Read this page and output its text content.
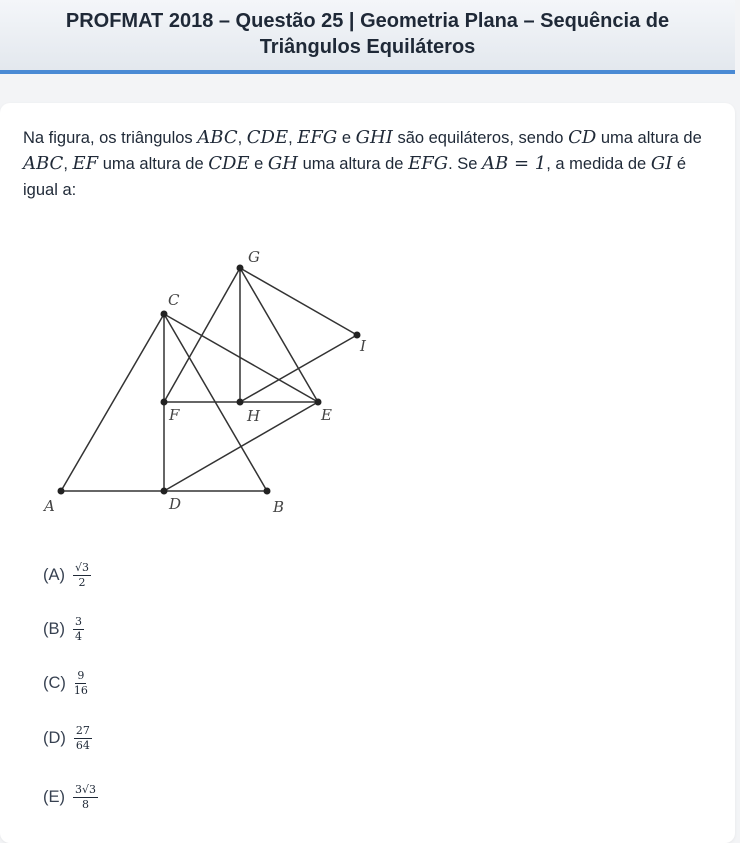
PROFMAT 2018 – Questão 25 | Geometria Plana – Sequência de
Triângulos Equiláteros
Na figura, os triângulos ABC, CDE, EFG e GHI são equiláteros, sendo CD uma altura de ABC, EF uma altura de CDE e GH uma altura de EFG. Se AB = 1, a medida de GI é igual a:
A	D	B
C
F	H	E
G
I
$(A) \frac{√3}{2}$
$(B) \frac{3}{4}$
$(C) \frac{9}{16}$
$(D) \frac{27}{64}$
$(E) \frac{3√3}{8}$
